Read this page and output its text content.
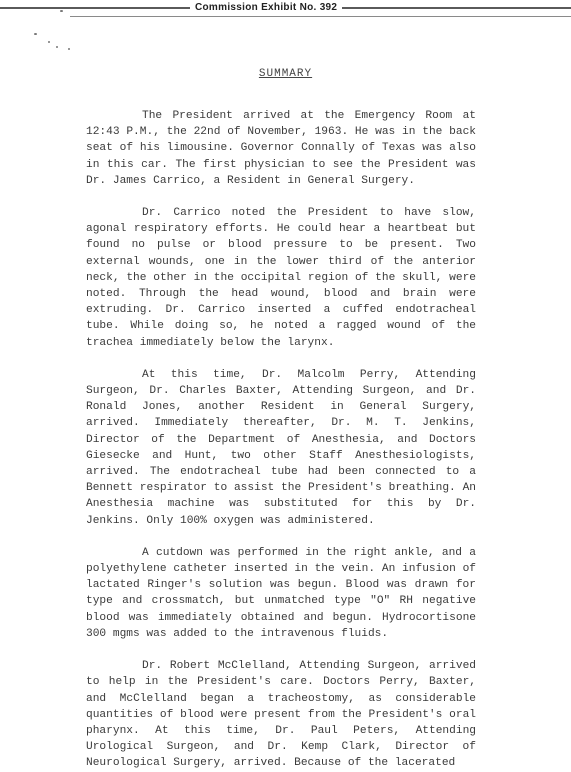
Commission Exhibit No. 392
SUMMARY

The President arrived at the Emergency Room at 12:43 P.M., the 22nd of November, 1963. He was in the back seat of his limousine. Governor Connally of Texas was also in this car. The first physician to see the President was Dr. James Carrico, a Resident in General Surgery.

Dr. Carrico noted the President to have slow, agonal respiratory efforts. He could hear a heartbeat but found no pulse or blood pressure to be present. Two external wounds, one in the lower third of the anterior neck, the other in the occipital region of the skull, were noted. Through the head wound, blood and brain were extruding. Dr. Carrico inserted a cuffed endotracheal tube. While doing so, he noted a ragged wound of the trachea immediately below the larynx.

At this time, Dr. Malcolm Perry, Attending Surgeon, Dr. Charles Baxter, Attending Surgeon, and Dr. Ronald Jones, another Resident in General Surgery, arrived. Immediately thereafter, Dr. M. T. Jenkins, Director of the Department of Anesthesia, and Doctors Giesecke and Hunt, two other Staff Anesthesiologists, arrived. The endotracheal tube had been connected to a Bennett respirator to assist the President's breathing. An Anesthesia machine was substituted for this by Dr. Jenkins. Only 100% oxygen was administered.

A cutdown was performed in the right ankle, and a polyethylene catheter inserted in the vein. An infusion of lactated Ringer's solution was begun. Blood was drawn for type and crossmatch, but unmatched type "O" RH negative blood was immediately obtained and begun. Hydrocortisone 300 mgms was added to the intravenous fluids.

Dr. Robert McClelland, Attending Surgeon, arrived to help in the President's care. Doctors Perry, Baxter, and McClelland began a tracheostomy, as considerable quantities of blood were present from the President's oral pharynx. At this time, Dr. Paul Peters, Attending Urological Surgeon, and Dr. Kemp Clark, Director of Neurological Surgery, arrived. Because of the lacerated
